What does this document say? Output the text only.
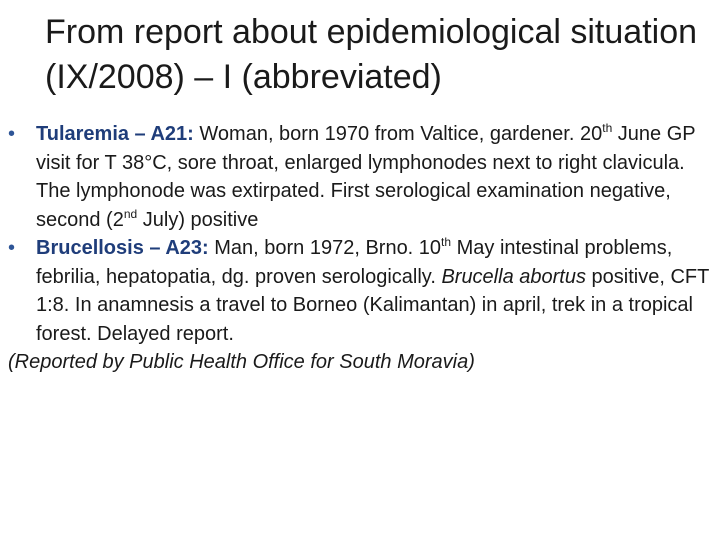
From report about epidemiological situation (IX/2008) – I (abbreviated)

•	Tularemia – A21: Woman, born 1970 from Valtice, gardener. 20th June GP visit for T 38°C, sore throat, enlarged lymphonodes next to right clavicula. The lymphonode was extirpated. First serological examination negative, second (2nd July) positive

•	Brucellosis – A23: Man, born 1972, Brno. 10th May intestinal problems, febrilia, hepatopatia, dg. proven serologically. Brucella abortus positive, CFT 1:8. In anamnesis a travel to Borneo (Kalimantan) in april, trek in a tropical forest. Delayed report.

(Reported by Public Health Office for South Moravia)
